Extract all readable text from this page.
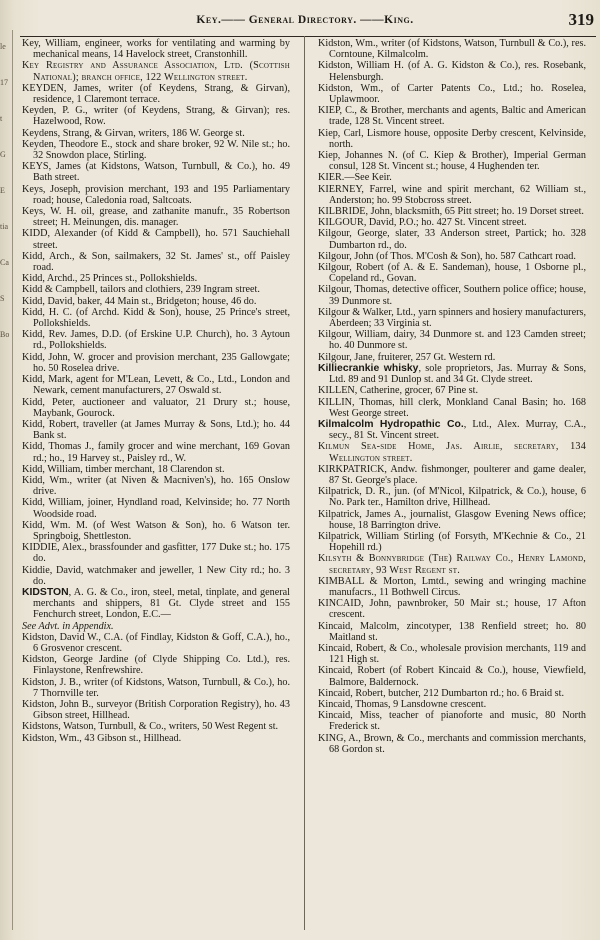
le
17
t
G
E
tia
Ca
S
Bo
Key.—— General Directory. ——King.	319

Key, William, engineer, works for ventilating and warming by mechanical means, 14 Havelock street, Cranstonhill.

Key Registry and Assurance Association, Ltd. (Scottish National); branch office, 122 Wellington street.

KEYDEN, James, writer (of Keydens, Strang, & Girvan), residence, 1 Claremont terrace.

Keyden, P. G., writer (of Keydens, Strang, & Girvan); res. Hazelwood, Row.

Keydens, Strang, & Girvan, writers, 186 W. George st.

Keyden, Theodore E., stock and share broker, 92 W. Nile st.; ho. 32 Snowdon place, Stirling.

KEYS, James (at Kidstons, Watson, Turnbull, & Co.), ho. 49 Bath street.

Keys, Joseph, provision merchant, 193 and 195 Parliamentary road; house, Caledonia road, Saltcoats.

Keys, W. H. oil, grease, and zathanite manufr., 35 Robertson street; H. Meinungen, dis. manager.

KIDD, Alexander (of Kidd & Campbell), ho. 571 Sauchiehall street.

Kidd, Arch., & Son, sailmakers, 32 St. James' st., off Paisley road.

Kidd, Archd., 25 Princes st., Pollokshields.

Kidd & Campbell, tailors and clothiers, 239 Ingram street.

Kidd, David, baker, 44 Main st., Bridgeton; house, 46 do.

Kidd, H. C. (of Archd. Kidd & Son), house, 25 Prince's street, Pollokshields.

Kidd, Rev. James, D.D. (of Erskine U.P. Church), ho. 3 Aytoun rd., Pollokshields.

Kidd, John, W. grocer and provision merchant, 235 Gallowgate; ho. 50 Roselea drive.

Kidd, Mark, agent for M'Lean, Levett, & Co., Ltd., London and Newark, cement manufacturers, 27 Oswald st.

Kidd, Peter, auctioneer and valuator, 21 Drury st.; house, Maybank, Gourock.

Kidd, Robert, traveller (at James Murray & Sons, Ltd.); ho. 44 Bank st.

Kidd, Thomas J., family grocer and wine merchant, 169 Govan rd.; ho., 19 Harvey st., Paisley rd., W.

Kidd, William, timber merchant, 18 Clarendon st.

Kidd, Wm., writer (at Niven & Macniven's), ho. 165 Onslow drive.

Kidd, William, joiner, Hyndland road, Kelvinside; ho. 77 North Woodside road.

Kidd, Wm. M. (of West Watson & Son), ho. 6 Watson ter. Springboig, Shettleston.

KIDDIE, Alex., brassfounder and gasfitter, 177 Duke st.; ho. 175 do.

Kiddie, David, watchmaker and jeweller, 1 New City rd.; ho. 3 do.

KIDSTON, A. G. & Co., iron, steel, metal, tinplate, and general merchants and shippers, 81 Gt. Clyde street and 155 Fenchurch street, London, E.C.—

See Advt. in Appendix.

Kidston, David W., C.A. (of Findlay, Kidston & Goff, C.A.), ho., 6 Grosvenor crescent.

Kidston, George Jardine (of Clyde Shipping Co. Ltd.), res. Finlaystone, Renfrewshire.

Kidston, J. B., writer (of Kidstons, Watson, Turnbull, & Co.), ho. 7 Thornville ter.

Kidston, John B., surveyor (British Corporation Registry), ho. 43 Gibson street, Hillhead.

Kidstons, Watson, Turnbull, & Co., writers, 50 West Regent st.

Kidston, Wm., 43 Gibson st., Hillhead.

Kidston, Wm., writer (of Kidstons, Watson, Turnbull & Co.), res. Corntoune, Kilmalcolm.

Kidston, William H. (of A. G. Kidston & Co.), res. Rosebank, Helensburgh.

Kidston, Wm., of Carter Patents Co., Ltd.; ho. Roselea, Uplawmoor.

KIEP, C., & Brother, merchants and agents, Baltic and American trade, 128 St. Vincent street.

Kiep, Carl, Lismore house, opposite Derby crescent, Kelvinside, north.

Kiep, Johannes N. (of C. Kiep & Brother), Imperial German consul, 128 St. Vincent st.; house, 4 Hughenden ter.

KIER.—See Keir.

KIERNEY, Farrel, wine and spirit merchant, 62 William st., Anderston; ho. 99 Stobcross street.

KILBRIDE, John, blacksmith, 65 Pitt street; ho. 19 Dorset street.

KILGOUR, David, P.O.; ho. 427 St. Vincent street.

Kilgour, George, slater, 33 Anderson street, Partick; ho. 328 Dumbarton rd., do.

Kilgour, John (of Thos. M'Cosh & Son), ho. 587 Cathcart road.

Kilgour, Robert (of A. & E. Sandeman), house, 1 Osborne pl., Copeland rd., Govan.

Kilgour, Thomas, detective officer, Southern police office; house, 39 Dunmore st.

Kilgour & Walker, Ltd., yarn spinners and hosiery manufacturers, Aberdeen; 33 Virginia st.

Kilgour, William, dairy, 34 Dunmore st. and 123 Camden street; ho. 40 Dunmore st.

Kilgour, Jane, fruiterer, 257 Gt. Western rd.

Killiecrankie whisky, sole proprietors, Jas. Murray & Sons, Ltd. 89 and 91 Dunlop st. and 34 Gt. Clyde street.

KILLEN, Catherine, grocer, 67 Pine st.

KILLIN, Thomas, hill clerk, Monkland Canal Basin; ho. 168 West George street.

Kilmalcolm Hydropathic Co., Ltd., Alex. Murray, C.A., secy., 81 St. Vincent street.

Kilmun Sea-side Home, Jas. Airlie, secretary, 134 Wellington street.

KIRKPATRICK, Andw. fishmonger, poulterer and game dealer, 87 St. George's place.

Kilpatrick, D. R., jun. (of M'Nicol, Kilpatrick, & Co.), house, 6 No. Park ter., Hamilton drive, Hillhead.

Kilpatrick, James A., journalist, Glasgow Evening News office; house, 18 Barrington drive.

Kilpatrick, William Stirling (of Forsyth, M'Kechnie & Co., 21 Hopehill rd.)

Kilsyth & Bonnybridge (The) Railway Co., Henry Lamond, secretary, 93 West Regent st.

KIMBALL & Morton, Lmtd., sewing and wringing machine manufacrs., 11 Bothwell Circus.

KINCAID, John, pawnbroker, 50 Mair st.; house, 17 Afton crescent.

Kincaid, Malcolm, zincotyper, 138 Renfield street; ho. 80 Maitland st.

Kincaid, Robert, & Co., wholesale provision merchants, 119 and 121 High st.

Kincaid, Robert (of Robert Kincaid & Co.), house, Viewfield, Balmore, Baldernock.

Kincaid, Robert, butcher, 212 Dumbarton rd.; ho. 6 Braid st.

Kincaid, Thomas, 9 Lansdowne crescent.

Kincaid, Miss, teacher of pianoforte and music, 80 North Frederick st.

KING, A., Brown, & Co., merchants and commission merchants, 68 Gordon st.
